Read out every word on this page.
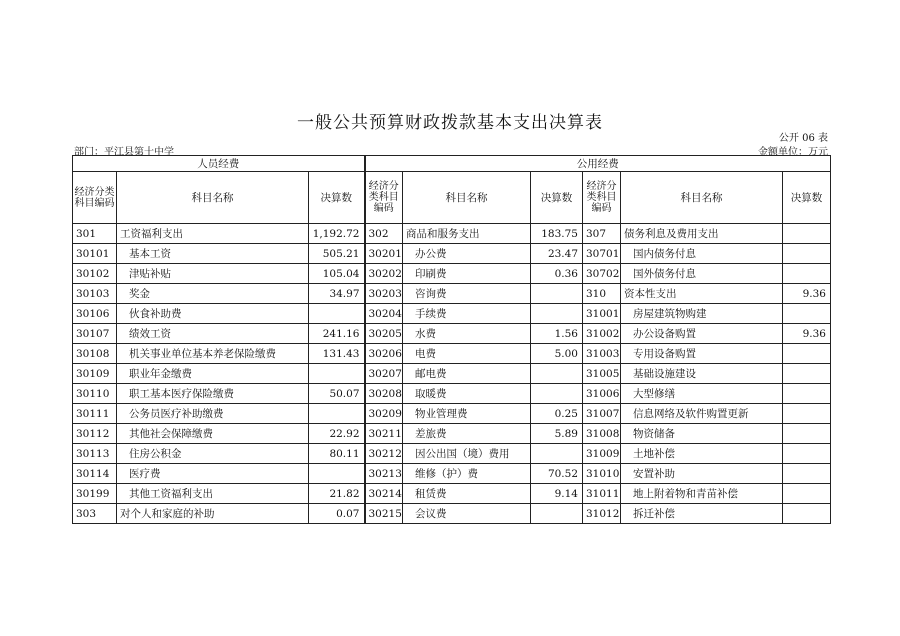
一般公共预算财政拨款基本支出决算表
公开 06 表
部门：平江县第十中学	金额单位：万元
人员经费			公用经费					
经济分类科目编码	科目名称	决算数	经济分类科目编码	科目名称	决算数	经济分类科目编码	科目名称	决算数
301	工资福利支出	1,192.72	302	商品和服务支出	183.75	307	债务利息及费用支出	
30101	基本工资	505.21	30201	办公费	23.47	30701	国内债务付息	
30102	津贴补贴	105.04	30202	印刷费	0.36	30702	国外债务付息	
30103	奖金	34.97	30203	咨询费		310	资本性支出	9.36
30106	伙食补助费		30204	手续费		31001	房屋建筑物购建	
30107	绩效工资	241.16	30205	水费	1.56	31002	办公设备购置	9.36
30108	机关事业单位基本养老保险缴费	131.43	30206	电费	5.00	31003	专用设备购置	
30109	职业年金缴费		30207	邮电费		31005	基础设施建设	
30110	职工基本医疗保险缴费	50.07	30208	取暖费		31006	大型修缮	
30111	公务员医疗补助缴费		30209	物业管理费	0.25	31007	信息网络及软件购置更新	
30112	其他社会保障缴费	22.92	30211	差旅费	5.89	31008	物资储备	
30113	住房公积金	80.11	30212	因公出国（境）费用		31009	土地补偿	
30114	医疗费		30213	维修（护）费	70.52	31010	安置补助	
30199	其他工资福利支出	21.82	30214	租赁费	9.14	31011	地上附着物和青苗补偿	
303	对个人和家庭的补助	0.07	30215	会议费		31012	拆迁补偿	
